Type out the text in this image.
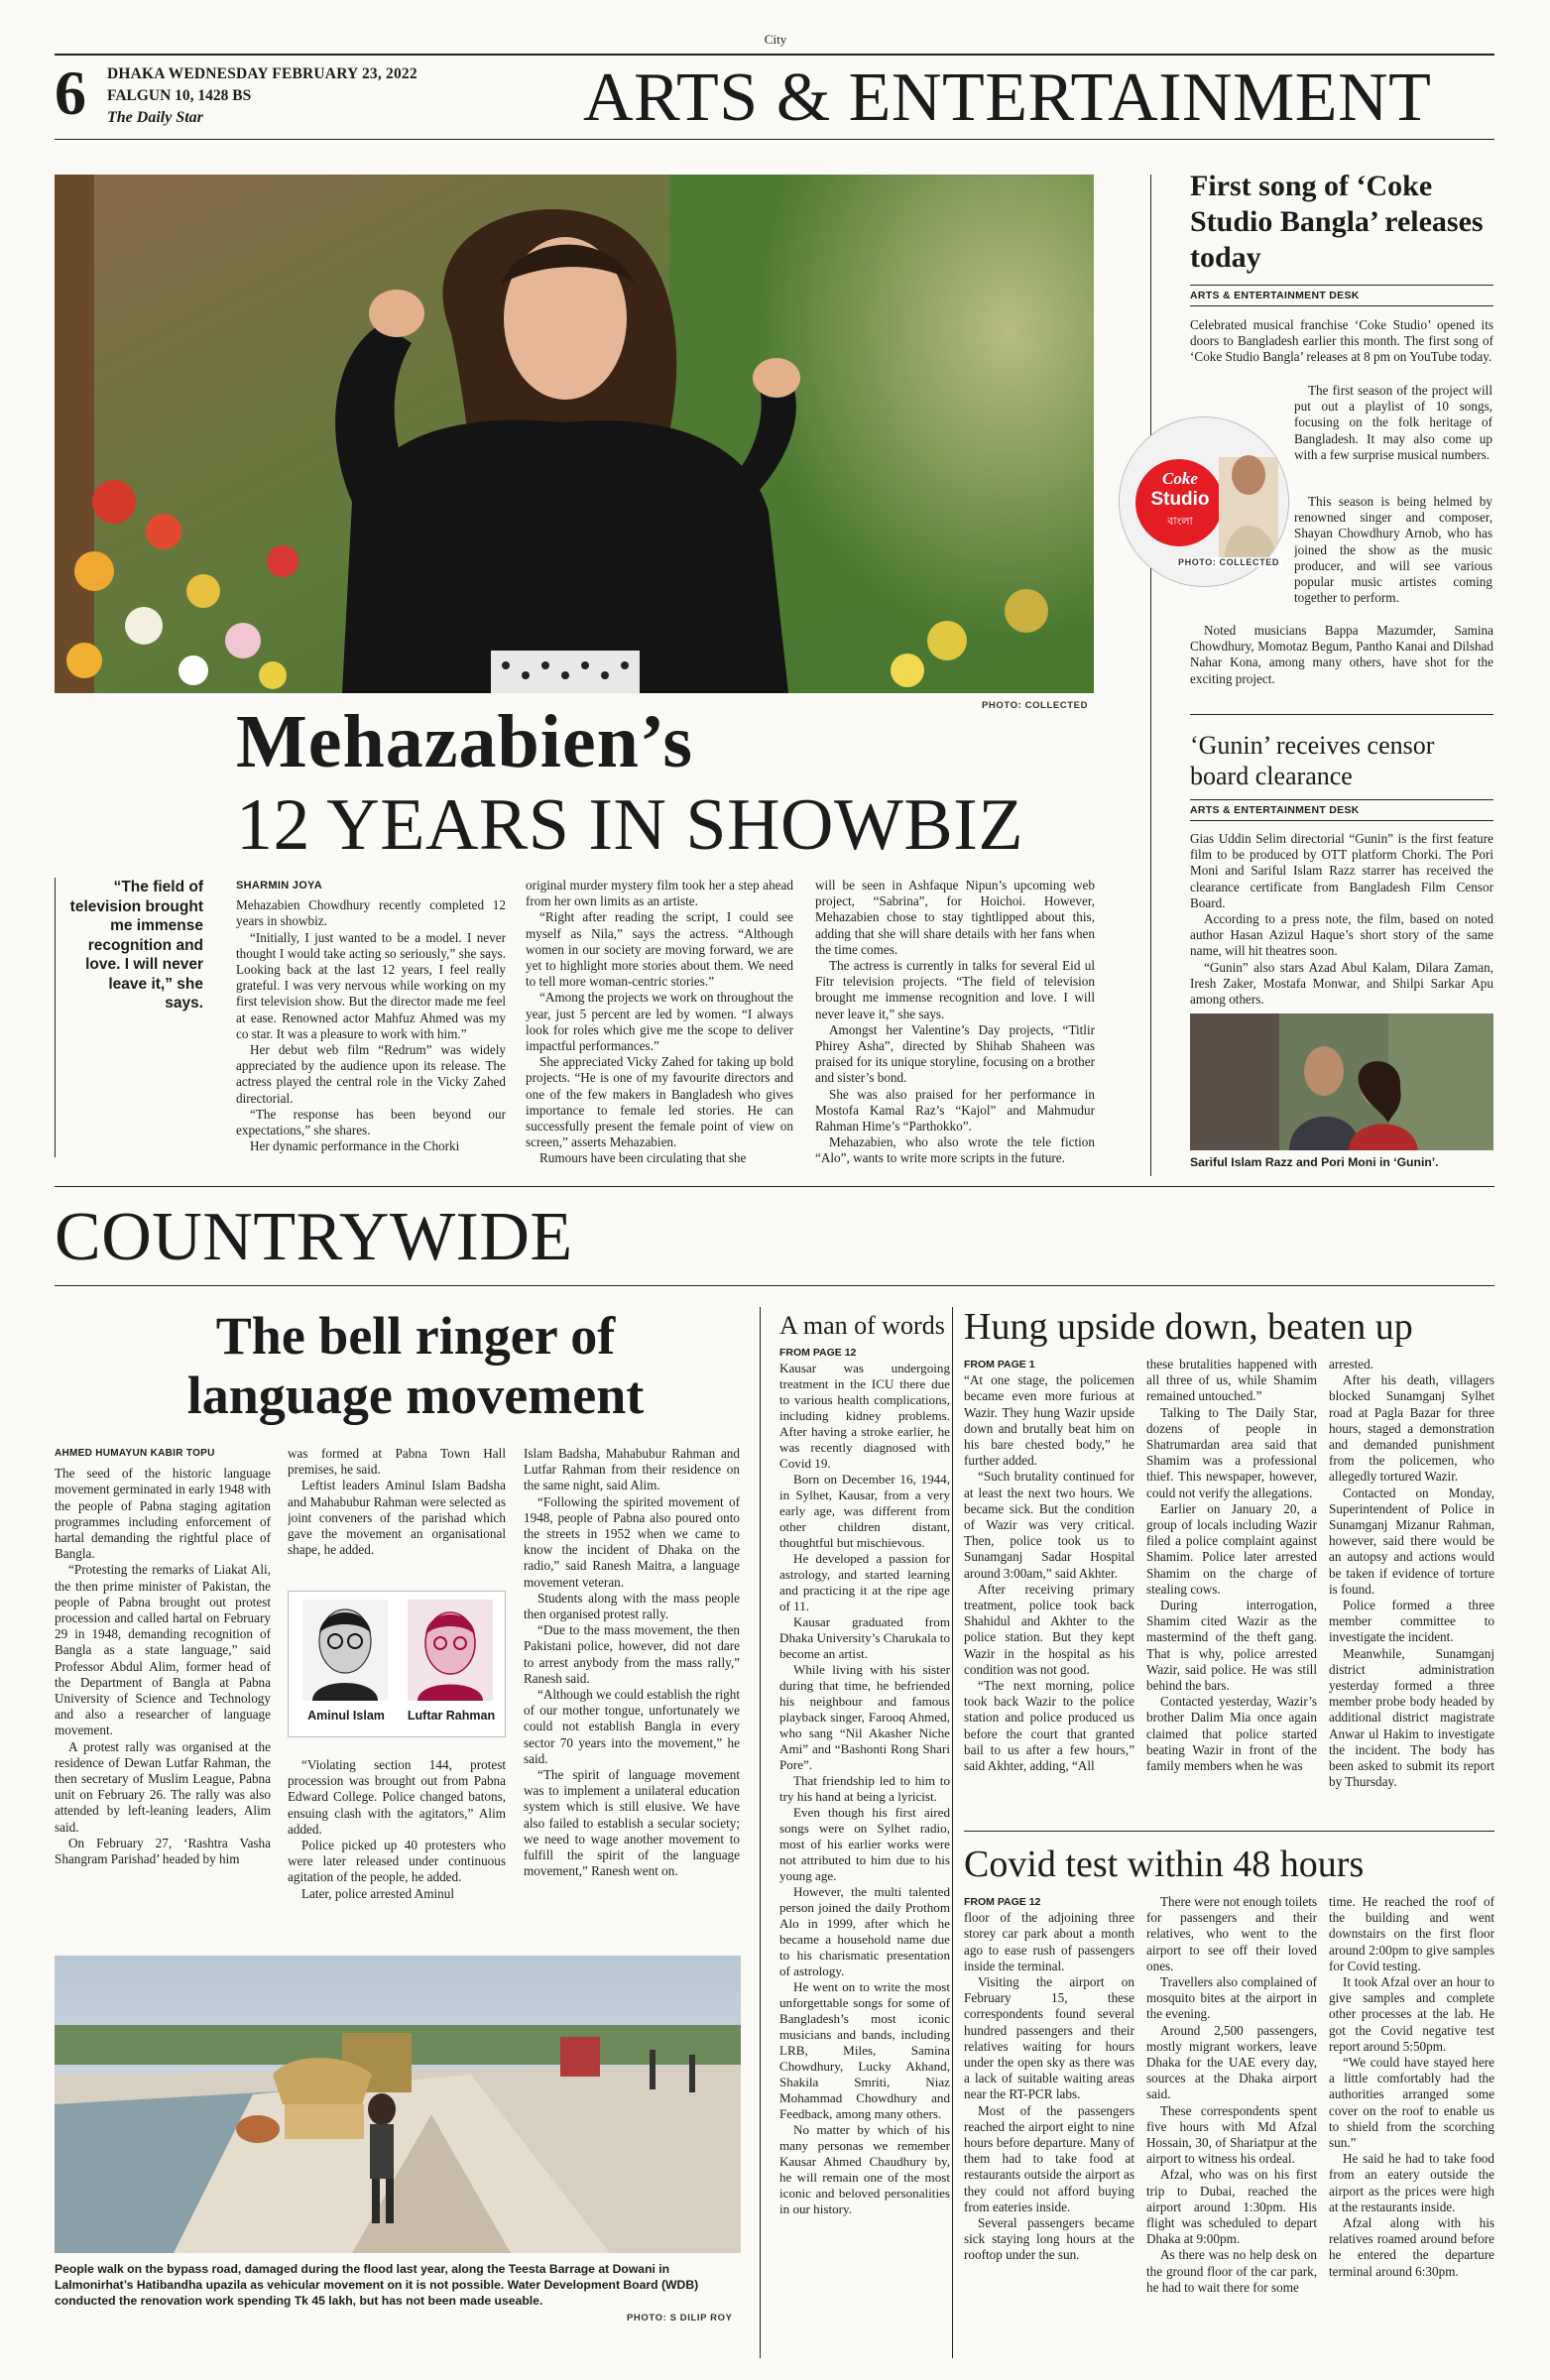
City
6 DHAKA WEDNESDAY FEBRUARY 23, 2022
FALGUN 10, 1428 BS
The Daily Star	ARTS & ENTERTAINMENT
PHOTO: COLLECTED
Mehazabien’s
12 YEARS IN SHOWBIZ
“The field of television brought me immense recognition and love. I will never leave it,” she says.
SHARMIN JOYA

Mehazabien Chowdhury recently completed 12 years in showbiz.

“Initially, I just wanted to be a model. I never thought I would take acting so seriously,” she says. Looking back at the last 12 years, I feel really grateful. I was very nervous while working on my first television show. But the director made me feel at ease. Renowned actor Mahfuz Ahmed was my co star. It was a pleasure to work with him.”

Her debut web film “Redrum” was widely appreciated by the audience upon its release. The actress played the central role in the Vicky Zahed directorial.

“The response has been beyond our expectations,” she shares.

Her dynamic performance in the Chorki

original murder mystery film took her a step ahead from her own limits as an artiste.

“Right after reading the script, I could see myself as Nila,” says the actress. “Although women in our society are moving forward, we are yet to highlight more stories about them. We need to tell more woman-centric stories.”

“Among the projects we work on throughout the year, just 5 percent are led by women. “I always look for roles which give me the scope to deliver impactful performances.”

She appreciated Vicky Zahed for taking up bold projects. “He is one of my favourite directors and one of the few makers in Bangladesh who gives importance to female led stories. He can successfully present the female point of view on screen,” asserts Mehazabien.

Rumours have been circulating that she

will be seen in Ashfaque Nipun’s upcoming web project, “Sabrina”, for Hoichoi. However, Mehazabien chose to stay tightlipped about this, adding that she will share details with her fans when the time comes.

The actress is currently in talks for several Eid ul Fitr television projects. “The field of television brought me immense recognition and love. I will never leave it,” she says.

Amongst her Valentine’s Day projects, “Titlir Phirey Asha”, directed by Shihab Shaheen was praised for its unique storyline, focusing on a brother and sister’s bond.

She was also praised for her performance in Mostofa Kamal Raz’s “Kajol” and Mahmudur Rahman Hime’s “Parthokko”.

Mehazabien, who also wrote the tele fiction “Alo”, wants to write more scripts in the future.

First song of ‘Coke Studio Bangla’ releases today
ARTS & ENTERTAINMENT DESK

Celebrated musical franchise ‘Coke Studio’ opened its doors to Bangladesh earlier this month. The first song of ‘Coke Studio Bangla’ releases at 8 pm on YouTube today.

Coke
Studio
বাংলা
PHOTO: COLLECTED

The first season of the project will put out a playlist of 10 songs, focusing on the folk heritage of Bangladesh. It may also come up with a few surprise musical numbers.

This season is being helmed by renowned singer and composer, Shayan Chowdhury Arnob, who has joined the show as the music producer, and will see various popular music artistes coming together to perform.

Noted musicians Bappa Mazumder, Samina Chowdhury, Momotaz Begum, Pantho Kanai and Dilshad Nahar Kona, among many others, have shot for the exciting project.

‘Gunin’ receives censor board clearance
ARTS & ENTERTAINMENT DESK

Gias Uddin Selim directorial “Gunin” is the first feature film to be produced by OTT platform Chorki. The Pori Moni and Sariful Islam Razz starrer has received the clearance certificate from Bangladesh Film Censor Board.

According to a press note, the film, based on noted author Hasan Azizul Haque’s short story of the same name, will hit theatres soon.

“Gunin” also stars Azad Abul Kalam, Dilara Zaman, Iresh Zaker, Mostafa Monwar, and Shilpi Sarkar Apu among others.

Sariful Islam Razz and Pori Moni in ‘Gunin’.
COUNTRYWIDE
The bell ringer of
language movement
AHMED HUMAYUN KABIR TOPU

The seed of the historic language movement germinated in early 1948 with the people of Pabna staging agitation programmes including enforcement of hartal demanding the rightful place of Bangla.

“Protesting the remarks of Liakat Ali, the then prime minister of Pakistan, the people of Pabna brought out protest procession and called hartal on February 29 in 1948, demanding recognition of Bangla as a state language,” said Professor Abdul Alim, former head of the Department of Bangla at Pabna University of Science and Technology and also a researcher of language movement.

A protest rally was organised at the residence of Dewan Lutfar Rahman, the then secretary of Muslim League, Pabna unit on February 26. The rally was also attended by left-leaning leaders, Alim said.

On February 27, ‘Rashtra Vasha Shangram Parishad’ headed by him

was formed at Pabna Town Hall premises, he said.

Leftist leaders Aminul Islam Badsha and Mahabubur Rahman were selected as joint conveners of the parishad which gave the movement an organisational shape, he added.

Aminul Islam	Luftar Rahman

“Violating section 144, protest procession was brought out from Pabna Edward College. Police changed batons, ensuing clash with the agitators,” Alim added.

Police picked up 40 protesters who were later released under continuous agitation of the people, he added.

Later, police arrested Aminul

Islam Badsha, Mahabubur Rahman and Lutfar Rahman from their residence on the same night, said Alim.

“Following the spirited movement of 1948, people of Pabna also poured onto the streets in 1952 when we came to know the incident of Dhaka on the radio,” said Ranesh Maitra, a language movement veteran.

Students along with the mass people then organised protest rally.

“Due to the mass movement, the then Pakistani police, however, did not dare to arrest anybody from the mass rally,” Ranesh said.

“Although we could establish the right of our mother tongue, unfortunately we could not establish Bangla in every sector 70 years into the movement,” he said.

“The spirit of language movement was to implement a unilateral education system which is still elusive. We have also failed to establish a secular society; we need to wage another movement to fulfill the spirit of the language movement,” Ranesh went on.

People walk on the bypass road, damaged during the flood last year, along the Teesta Barrage at Dowani in Lalmonirhat’s Hatibandha upazila as vehicular movement on it is not possible. Water Development Board (WDB) conducted the renovation work spending Tk 45 lakh, but has not been made useable.
PHOTO: S DILIP ROY
A man of words
FROM PAGE 12

Kausar was undergoing treatment in the ICU there due to various health complications, including kidney problems. After having a stroke earlier, he was recently diagnosed with Covid 19.

Born on December 16, 1944, in Sylhet, Kausar, from a very early age, was different from other children distant, thoughtful but mischievous.

He developed a passion for astrology, and started learning and practicing it at the ripe age of 11.

Kausar graduated from Dhaka University’s Charukala to become an artist.

While living with his sister during that time, he befriended his neighbour and famous playback singer, Farooq Ahmed, who sang “Nil Akasher Niche Ami” and “Bashonti Rong Shari Pore”.

That friendship led to him to try his hand at being a lyricist.

Even though his first aired songs were on Sylhet radio, most of his earlier works were not attributed to him due to his young age.

However, the multi talented person joined the daily Prothom Alo in 1999, after which he became a household name due to his charismatic presentation of astrology.

He went on to write the most unforgettable songs for some of Bangladesh’s most iconic musicians and bands, including LRB, Miles, Samina Chowdhury, Lucky Akhand, Shakila Smriti, Niaz Mohammad Chowdhury and Feedback, among many others.

No matter by which of his many personas we remember Kausar Ahmed Chaudhury by, he will remain one of the most iconic and beloved personalities in our history.

Hung upside down, beaten up
FROM PAGE 1

“At one stage, the policemen became even more furious at Wazir. They hung Wazir upside down and brutally beat him on his bare chested body,” he further added.

“Such brutality continued for at least the next two hours. We became sick. But the condition of Wazir was very critical. Then, police took us to Sunamganj Sadar Hospital around 3:00am,” said Akhter.

After receiving primary treatment, police took back Shahidul and Akhter to the police station. But they kept Wazir in the hospital as his condition was not good.

“The next morning, police took back Wazir to the police station and police produced us before the court that granted bail to us after a few hours,” said Akhter, adding, “All

these brutalities happened with all three of us, while Shamim remained untouched.”

Talking to The Daily Star, dozens of people in Shatrumardan area said that Shamim was a professional thief. This newspaper, however, could not verify the allegations.

Earlier on January 20, a group of locals including Wazir filed a police complaint against Shamim. Police later arrested Shamim on the charge of stealing cows.

During interrogation, Shamim cited Wazir as the mastermind of the theft gang. That is why, police arrested Wazir, said police. He was still behind the bars.

Contacted yesterday, Wazir’s brother Dalim Mia once again claimed that police started beating Wazir in front of the family members when he was

arrested.

After his death, villagers blocked Sunamganj Sylhet road at Pagla Bazar for three hours, staged a demonstration and demanded punishment from the policemen, who allegedly tortured Wazir.

Contacted on Monday, Superintendent of Police in Sunamganj Mizanur Rahman, however, said there would be an autopsy and actions would be taken if evidence of torture is found.

Police formed a three member committee to investigate the incident.

Meanwhile, Sunamganj district administration yesterday formed a three member probe body headed by additional district magistrate Anwar ul Hakim to investigate the incident. The body has been asked to submit its report by Thursday.

Covid test within 48 hours
FROM PAGE 12

floor of the adjoining three storey car park about a month ago to ease rush of passengers inside the terminal.

Visiting the airport on February 15, these correspondents found several hundred passengers and their relatives waiting for hours under the open sky as there was a lack of suitable waiting areas near the RT-PCR labs.

Most of the passengers reached the airport eight to nine hours before departure. Many of them had to take food at restaurants outside the airport as they could not afford buying from eateries inside.

Several passengers became sick staying long hours at the rooftop under the sun.

There were not enough toilets for passengers and their relatives, who went to the airport to see off their loved ones.

Travellers also complained of mosquito bites at the airport in the evening.

Around 2,500 passengers, mostly migrant workers, leave Dhaka for the UAE every day, sources at the Dhaka airport said.

These correspondents spent five hours with Md Afzal Hossain, 30, of Shariatpur at the airport to witness his ordeal.

Afzal, who was on his first trip to Dubai, reached the airport around 1:30pm. His flight was scheduled to depart Dhaka at 9:00pm.

As there was no help desk on the ground floor of the car park, he had to wait there for some

time. He reached the roof of the building and went downstairs on the first floor around 2:00pm to give samples for Covid testing.

It took Afzal over an hour to give samples and complete other processes at the lab. He got the Covid negative test report around 5:50pm.

“We could have stayed here a little comfortably had the authorities arranged some cover on the roof to enable us to shield from the scorching sun.”

He said he had to take food from an eatery outside the airport as the prices were high at the restaurants inside.

Afzal along with his relatives roamed around before he entered the departure terminal around 6:30pm.
